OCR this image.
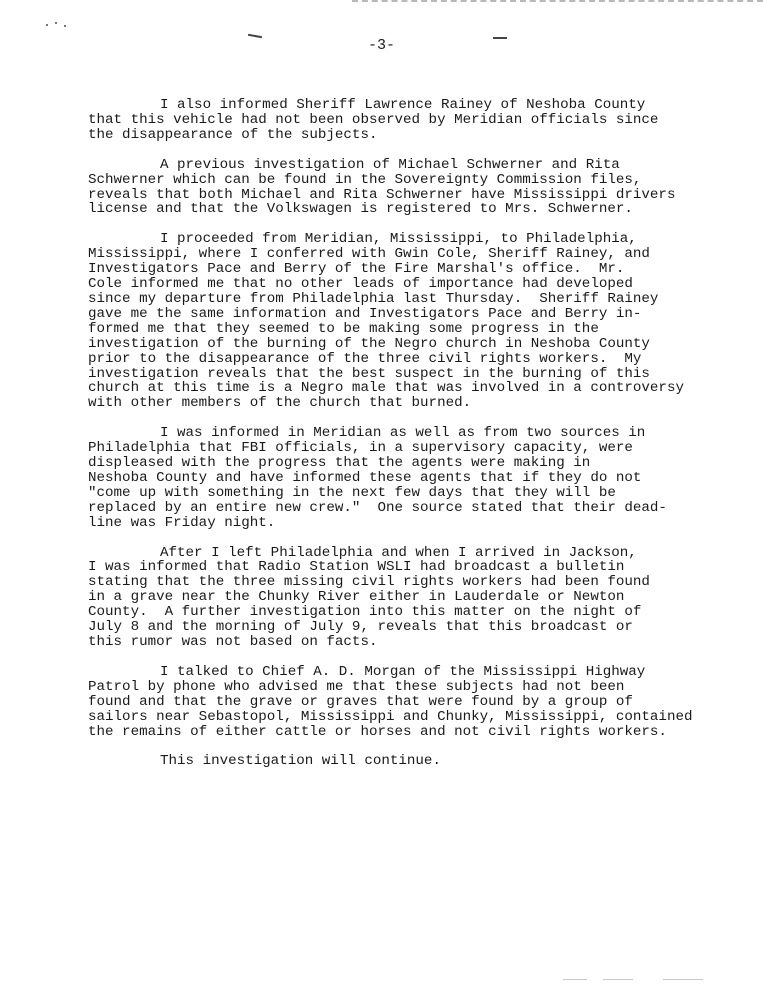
-3-
I also informed Sheriff Lawrence Rainey of Neshoba County
that this vehicle had not been observed by Meridian officials since
the disappearance of the subjects.
A previous investigation of Michael Schwerner and Rita
Schwerner which can be found in the Sovereignty Commission files,
reveals that both Michael and Rita Schwerner have Mississippi drivers
license and that the Volkswagen is registered to Mrs. Schwerner.
I proceeded from Meridian, Mississippi, to Philadelphia,
Mississippi, where I conferred with Gwin Cole, Sheriff Rainey, and
Investigators Pace and Berry of the Fire Marshal's office.  Mr.
Cole informed me that no other leads of importance had developed
since my departure from Philadelphia last Thursday.  Sheriff Rainey
gave me the same information and Investigators Pace and Berry in-
formed me that they seemed to be making some progress in the
investigation of the burning of the Negro church in Neshoba County
prior to the disappearance of the three civil rights workers.  My
investigation reveals that the best suspect in the burning of this
church at this time is a Negro male that was involved in a controversy
with other members of the church that burned.
I was informed in Meridian as well as from two sources in
Philadelphia that FBI officials, in a supervisory capacity, were
displeased with the progress that the agents were making in
Neshoba County and have informed these agents that if they do not
"come up with something in the next few days that they will be
replaced by an entire new crew."  One source stated that their dead-
line was Friday night.
After I left Philadelphia and when I arrived in Jackson,
I was informed that Radio Station WSLI had broadcast a bulletin
stating that the three missing civil rights workers had been found
in a grave near the Chunky River either in Lauderdale or Newton
County.  A further investigation into this matter on the night of
July 8 and the morning of July 9, reveals that this broadcast or
this rumor was not based on facts.
I talked to Chief A. D. Morgan of the Mississippi Highway
Patrol by phone who advised me that these subjects had not been
found and that the grave or graves that were found by a group of
sailors near Sebastopol, Mississippi and Chunky, Mississippi, contained
the remains of either cattle or horses and not civil rights workers.
This investigation will continue.
